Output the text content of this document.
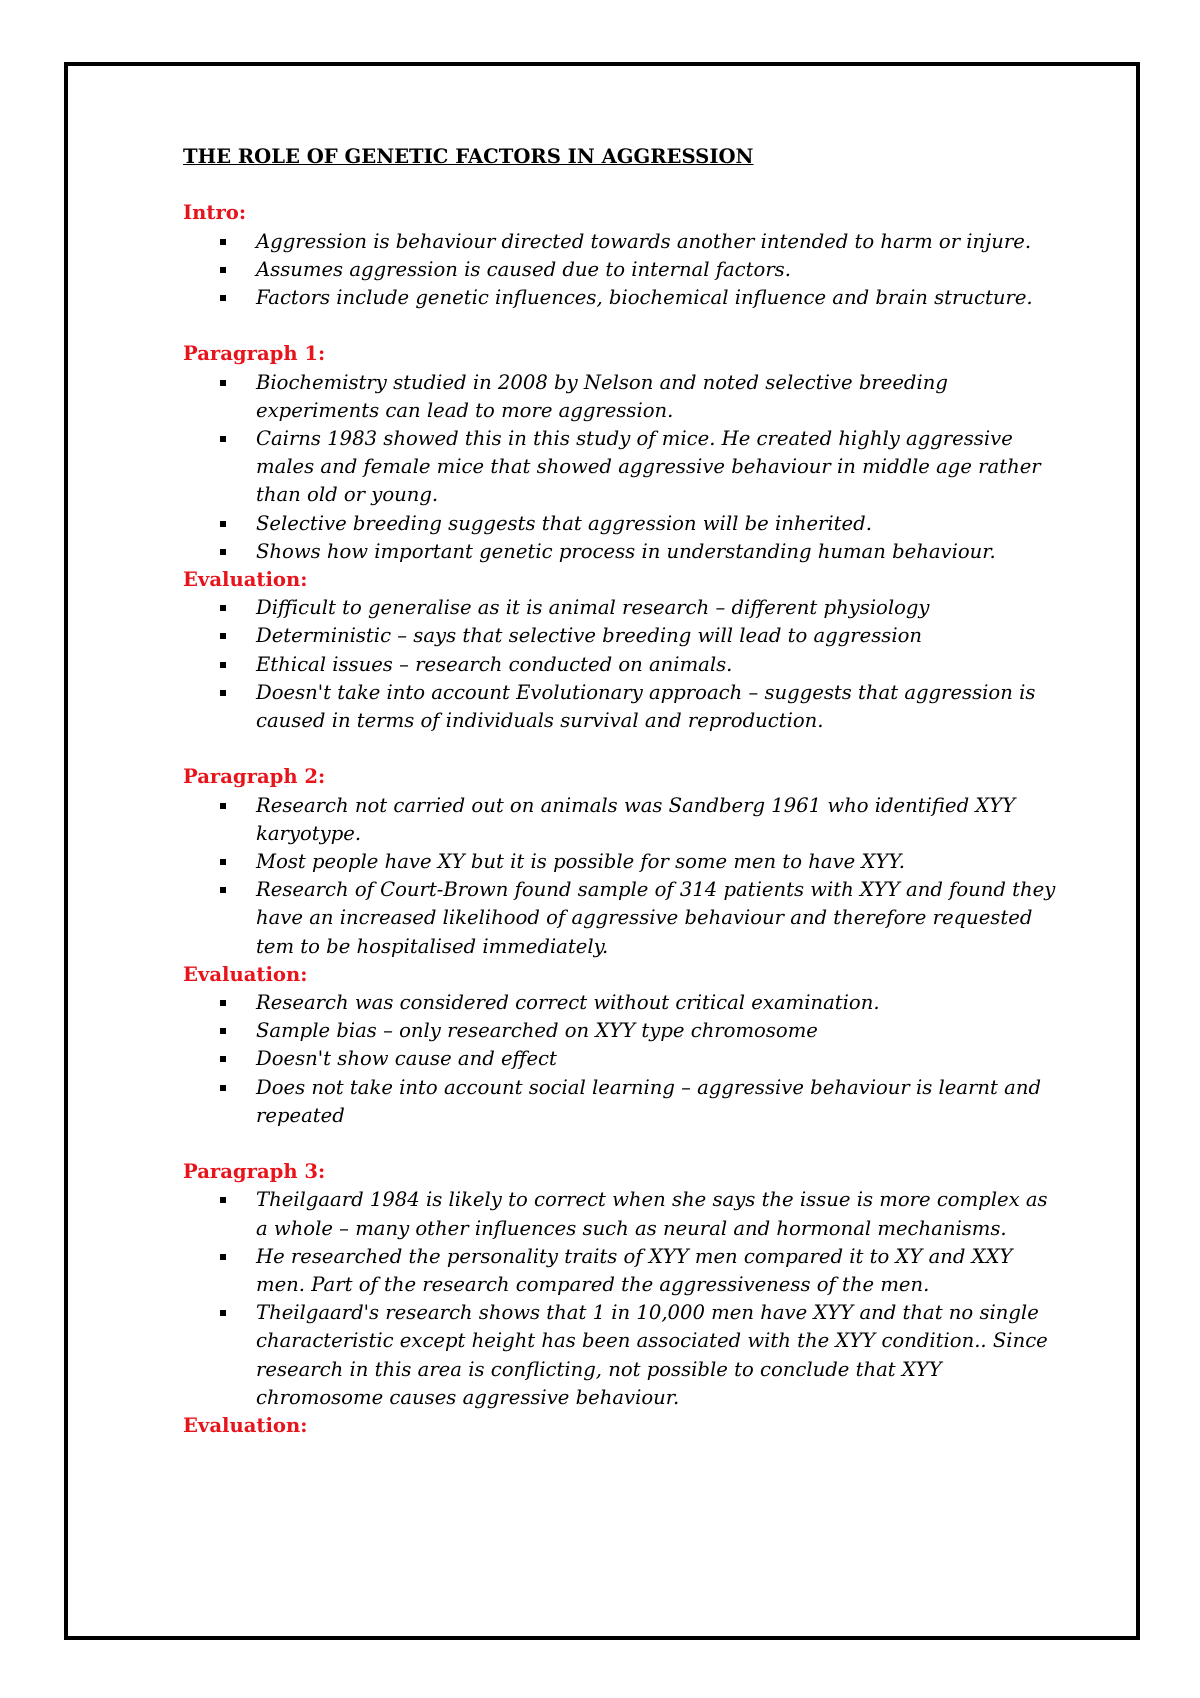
THE ROLE OF GENETIC FACTORS IN AGGRESSION

Intro:

Aggression is behaviour directed towards another intended to harm or injure.
Assumes aggression is caused due to internal factors.
Factors include genetic influences, biochemical influence and brain structure.

Paragraph 1:

Biochemistry studied in 2008 by Nelson and noted selective breeding experiments can lead to more aggression.
Cairns 1983 showed this in this study of mice. He created highly aggressive males and female mice that showed aggressive behaviour in middle age rather than old or young.
Selective breeding suggests that aggression will be inherited.
Shows how important genetic process in understanding human behaviour.

Evaluation:

Difficult to generalise as it is animal research – different physiology
Deterministic – says that selective breeding will lead to aggression
Ethical issues – research conducted on animals.
Doesn't take into account Evolutionary approach – suggests that aggression is caused in terms of individuals survival and reproduction.

Paragraph 2:

Research not carried out on animals was Sandberg 1961 who identified XYY karyotype.
Most people have XY but it is possible for some men to have XYY.
Research of Court-Brown found sample of 314 patients with XYY and found they have an increased likelihood of aggressive behaviour and therefore requested tem to be hospitalised immediately.

Evaluation:

Research was considered correct without critical examination.
Sample bias – only researched on XYY type chromosome
Doesn't show cause and effect
Does not take into account social learning – aggressive behaviour is learnt and repeated

Paragraph 3:

Theilgaard 1984 is likely to correct when she says the issue is more complex as a whole – many other influences such as neural and hormonal mechanisms.
He researched the personality traits of XYY men compared it to XY and XXY men. Part of the research compared the aggressiveness of the men.
Theilgaard's research shows that 1 in 10,000 men have XYY and that no single characteristic except height has been associated with the XYY condition.. Since research in this area is conflicting, not possible to conclude that XYY chromosome causes aggressive behaviour.

Evaluation:
